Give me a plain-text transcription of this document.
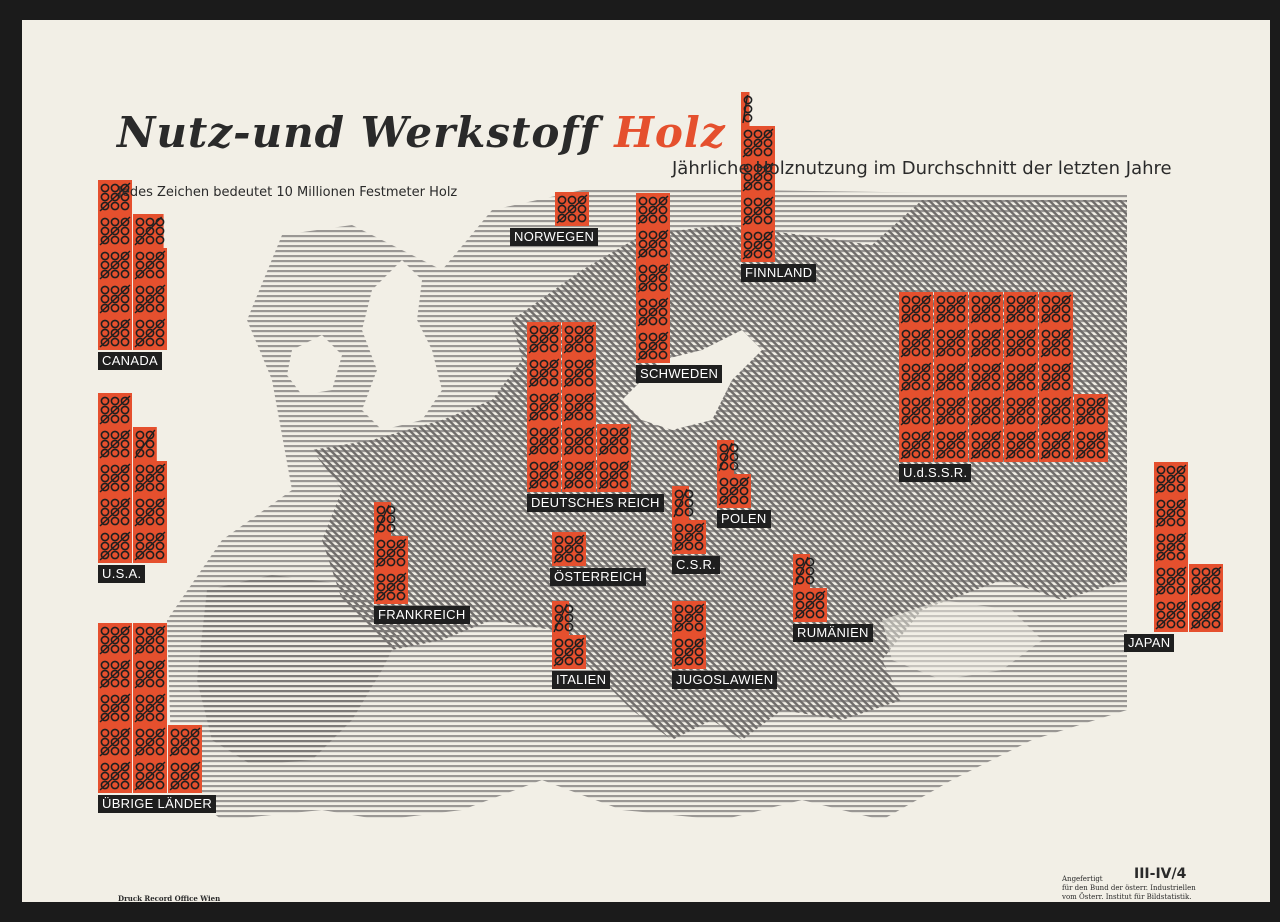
Nutz-und Werkstoff Holz
Jährliche Holznutzung im Durchschnitt der letzten Jahre
Jedes Zeichen bedeutet 10 Millionen Festmeter Holz
III-IV/4
Angefertigt
für den Bund der österr. Industriellen
vom Österr. Institut für Bildstatistik.
Druck Record Office Wien
CANADA
U.S.A.
ÜBRIGE LÄNDER
NORWEGEN
SCHWEDEN
FINNLAND
DEUTSCHES REICH
POLEN
C.S.R.
ÖSTERREICH
FRANKREICH
ITALIEN	JUGOSLAWIEN
RUMÄNIEN
U.d.S.S.R.
JAPAN
